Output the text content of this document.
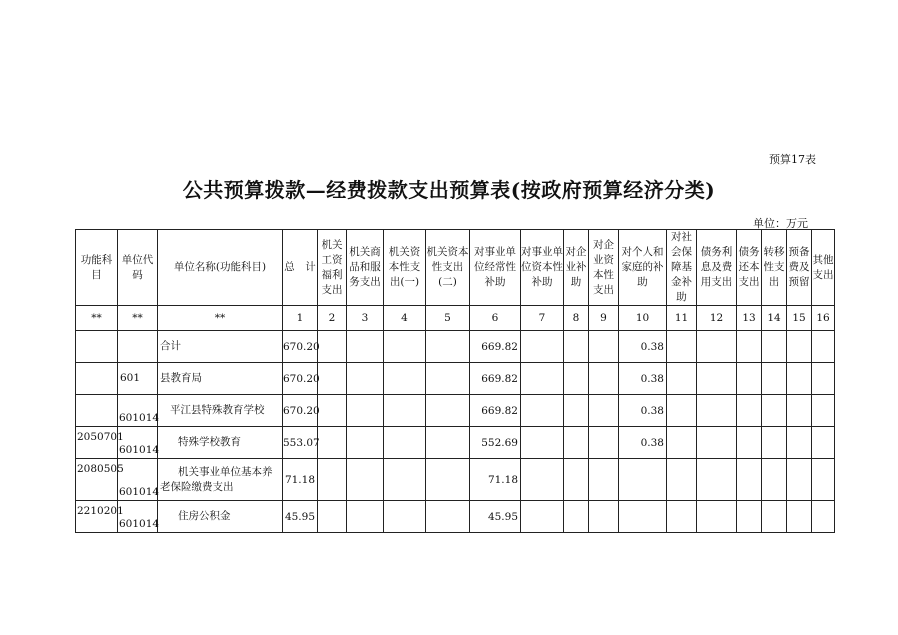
预算17表
公共预算拨款—经费拨款支出预算表(按政府预算经济分类)
单位：万元
功能科目	单位代码	单位名称(功能科目)	总　计	机关工资福利支出	机关商品和服务支出	机关资本性支出(一)	机关资本性支出(二)	对事业单位经常性补助	对事业单位资本性补助	对企业补助	对企业资本性支出	对个人和家庭的补助	对社会保障基金补助	债务利息及费用支出	债务还本支出	转移性支出	预备费及预留	其他支出
**	**	**	1	2	3	4	5	6	7	8	9	10	11	12	13	14	15	16
		合计	670.20					669.82				0.38						
	601	县教育局	670.20					669.82				0.38						
	601014	平江县特殊教育学校	670.20					669.82				0.38						
2050701	601014	特殊学校教育	553.07					552.69				0.38						
2080505	601014	机关事业单位基本养老保险缴费支出	71.18					71.18										
2210201	601014	住房公积金	45.95					45.95										
